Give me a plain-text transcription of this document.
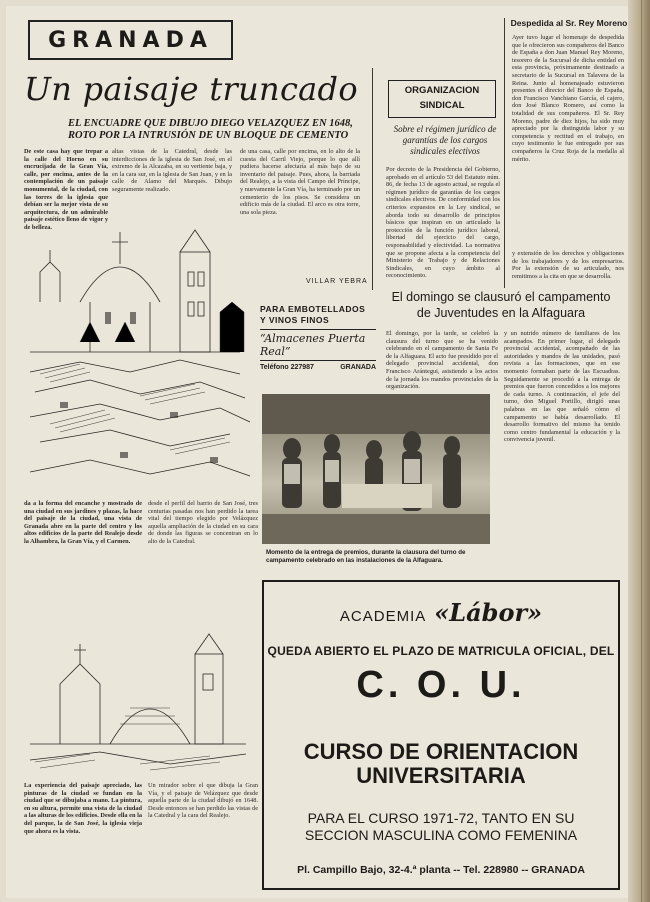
GRANADA
Un paisaje truncado
EL ENCUADRE QUE DIBUJO DIEGO VELAZQUEZ EN 1648, ROTO POR LA INTRUSIÓN DE UN BLOQUE DE CEMENTO
De este casa hay que trepar a la calle del Horno en su encrucijada de la Gran Vía, calle, por encima, antes de la contemplación de un paisaje monumental, de la ciudad, con las torres de la iglesia que debían ser la mejor vista de su arquitectura, de un admirable paisaje estético lleno de vigor y de belleza.
altas vistas de la Catedral, desde las interdicciones de la iglesia de San José, en el extremo de la Alcazaba, en su vertiente baja, y en la cara sur, en la iglesia de San Juan, y en la calle de Alamo del Marqués. Dibujo seguramente realizado.
de una casa, calle por encima, en lo alto de la cuesta del Carril Viejo, porque lo que allí pudiera hacerse afectaría al más bajo de su inventario del paisaje. Pues, ahora, la barriada del Realejo, a la vista del Campo del Príncipe, y nuevamente la Gran Vía, ha terminado por un cementerio de los pisos. Se considera un edificio más de la ciudad. El arco es otra torre, una sola pieza.
VILLAR YEBRA
da a la forma del encanche y mostrado de una ciudad en sus jardines y plazas, la hace del paisaje de la ciudad, una vista de Granada abre en la parte del centro y los altos edificios de la parte del Realejo desde la Alhambra, la Gran Vía, y el Carmen.
desde el perfil del barrio de San José, tres centurias pasadas nos han perdido la tarea vital del tiempo elegido por Velázquez aquella ampliación de la ciudad en su cara de donde las figuras se concentran en lo alto de la Catedral.
La experiencia del paisaje apreciado, las pinturas de la ciudad se fundan en la ciudad que se dibujaba a mano. La pintura, en su altura, permite una vista de la ciudad a las alturas de los edificios. Desde ella en la del parque, la de San José, la iglesia vieja que ahora es la vista.
Un mirador sobre el que dibuja la Gran Vía, y el paisaje de Velázquez que desde aquella parte de la ciudad dibujó en 1648. Desde entonces se han perdido las vistas de la Catedral y la cara del Realejo.
ORGANIZACION
SINDICAL
Sobre el régimen jurídico de garantías de los cargos sindicales electivos
Por decreto de la Presidencia del Gobierno, aprobado en el artículo 53 del Estatuto núm. 86, de fecha 13 de agosto actual, se regula el régimen jurídico de garantías de los cargos sindicales electivos. De conformidad con los criterios expuestos en la Ley sindical, se aborda todo su desarrollo de principios básicos que inspiran en un articulado la protección de la función jurídico laboral, libertad del ejercicio del cargo, responsabilidad y efectividad. La normativa que se propone afecta a la competencia del Ministerio de Trabajo y de Relaciones Sindicales, en cuyo ámbito al reconocimiento.
Despedida al Sr. Rey Moreno
Ayer tuvo lugar el homenaje de despedida que le ofrecieron sus compañeros del Banco de España a don Juan Manuel Rey Moreno, tesorero de la Sucursal de dicha entidad en esta provincia, próximamente destinado a secretario de la Sucursal en Talavera de la Reina. Junto al homenajeado estuvieron presentes el director del Banco de España, don Francisco Vanchiano García, el cajero, don José Blanco Romero, así como la totalidad de sus compañeros. El Sr. Rey Moreno, padre de diez hijos, ha sido muy apreciado por la distinguida labor y su competencia y rectitud en el trabajo, en cuyo testimonio le fue entregado por sus compañeros la Cruz Roja de la medalla al mérito.
y extensión de los derechos y obligaciones de los trabajadores y de los empresarios. Por la extensión de su articulado, nos remitimos a la cita en que se desarrolla.
PARA EMBOTELLADOS
Y VINOS FINOS
“Almacenes Puerta Real”
Teléfono 227987	GRANADA
El domingo se clausuró el campamento de Juventudes en la Alfaguara
El domingo, por la tarde, se celebró la clausura del turno que se ha venido celebrando en el campamento de Santa Fe de la Alfaguara. El acto fue presidido por el delegado provincial accidental, don Francisco Arántegui, asistiendo a los actos de la jornada los mandos provinciales de la organización.
y un nutrido número de familiares de los acampados. En primer lugar, el delegado provincial accidental, acompañado de las autoridades y mandos de las unidades, pasó revista a las formaciones, que en ese momento formaban parte de las Escuadras. Seguidamente se procedió a la entrega de premios que fueron concedidos a los mejores de cada turno. A continuación, el jefe del turno, don Miguel Portillo, dirigió unas palabras en las que señaló cómo el campamento se había desarrollado. El desarrollo formativo del mismo ha tenido como centro fundamental la educación y la convivencia juvenil.
Momento de la entrega de premios, durante la clausura del turno de campamento celebrado en las instalaciones de la Alfaguara.
ACADEMIA «Lábor»
QUEDA ABIERTO EL PLAZO DE MATRICULA OFICIAL, DEL
C. O. U.
CURSO DE ORIENTACION
UNIVERSITARIA
PARA EL CURSO 1971-72, TANTO EN SU
SECCION MASCULINA COMO FEMENINA
Pl. Campillo Bajo, 32-4.ª planta -- Tel. 228980 -- GRANADA
